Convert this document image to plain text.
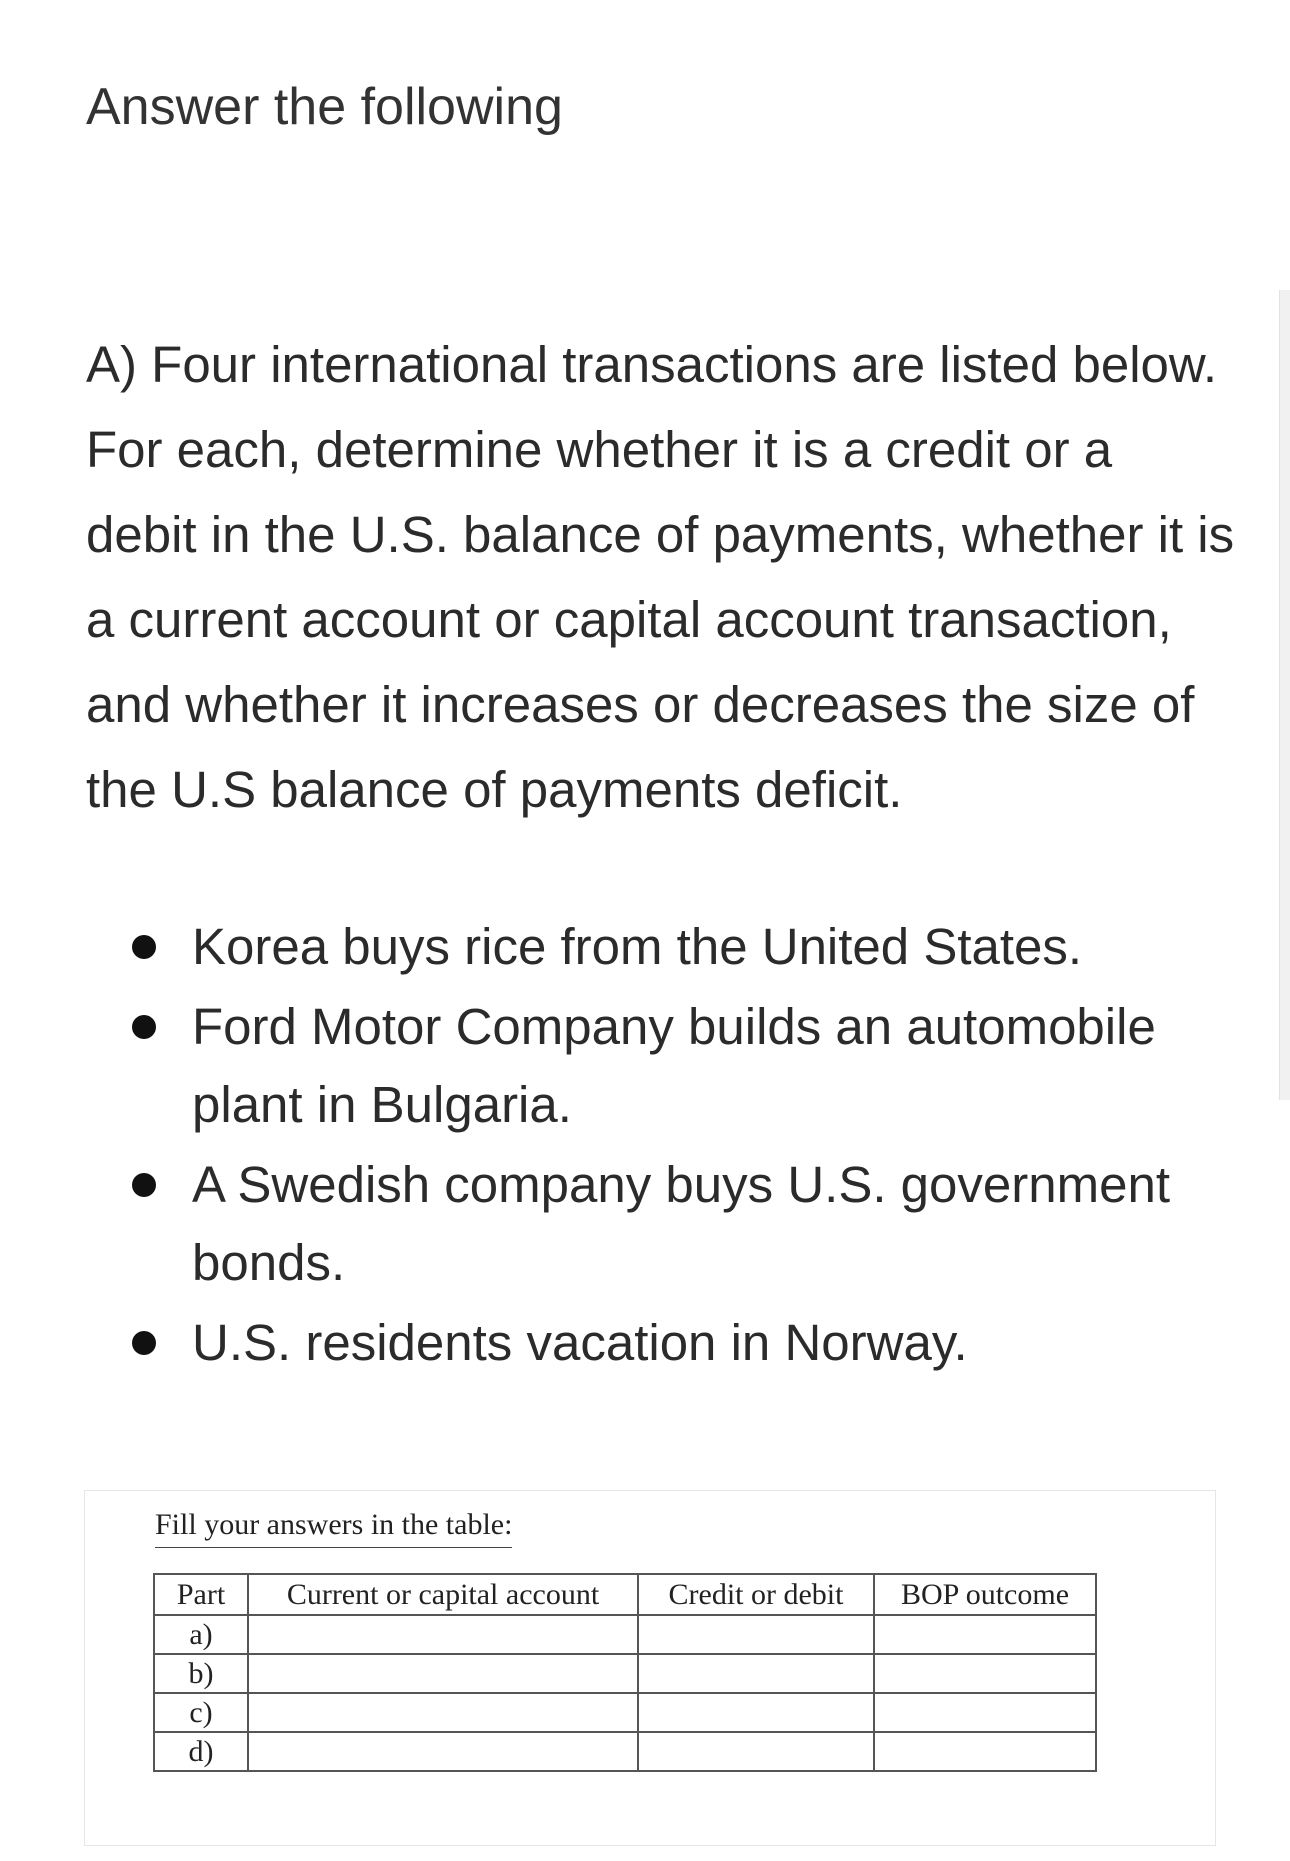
Answer the following

A) Four international transactions are listed below. For each, determine whether it is a credit or a debit in the U.S. balance of payments, whether it is a current account or capital account transaction, and whether it increases or decreases the size of the U.S balance of payments deficit.

Korea buys rice from the United States.
Ford Motor Company builds an automobile plant in Bulgaria.
A Swedish company buys U.S. government bonds.
U.S. residents vacation in Norway.
Fill your answers in the table:
Part	Current or capital account	Credit or debit	BOP outcome
a)			
b)			
c)			
d)			
